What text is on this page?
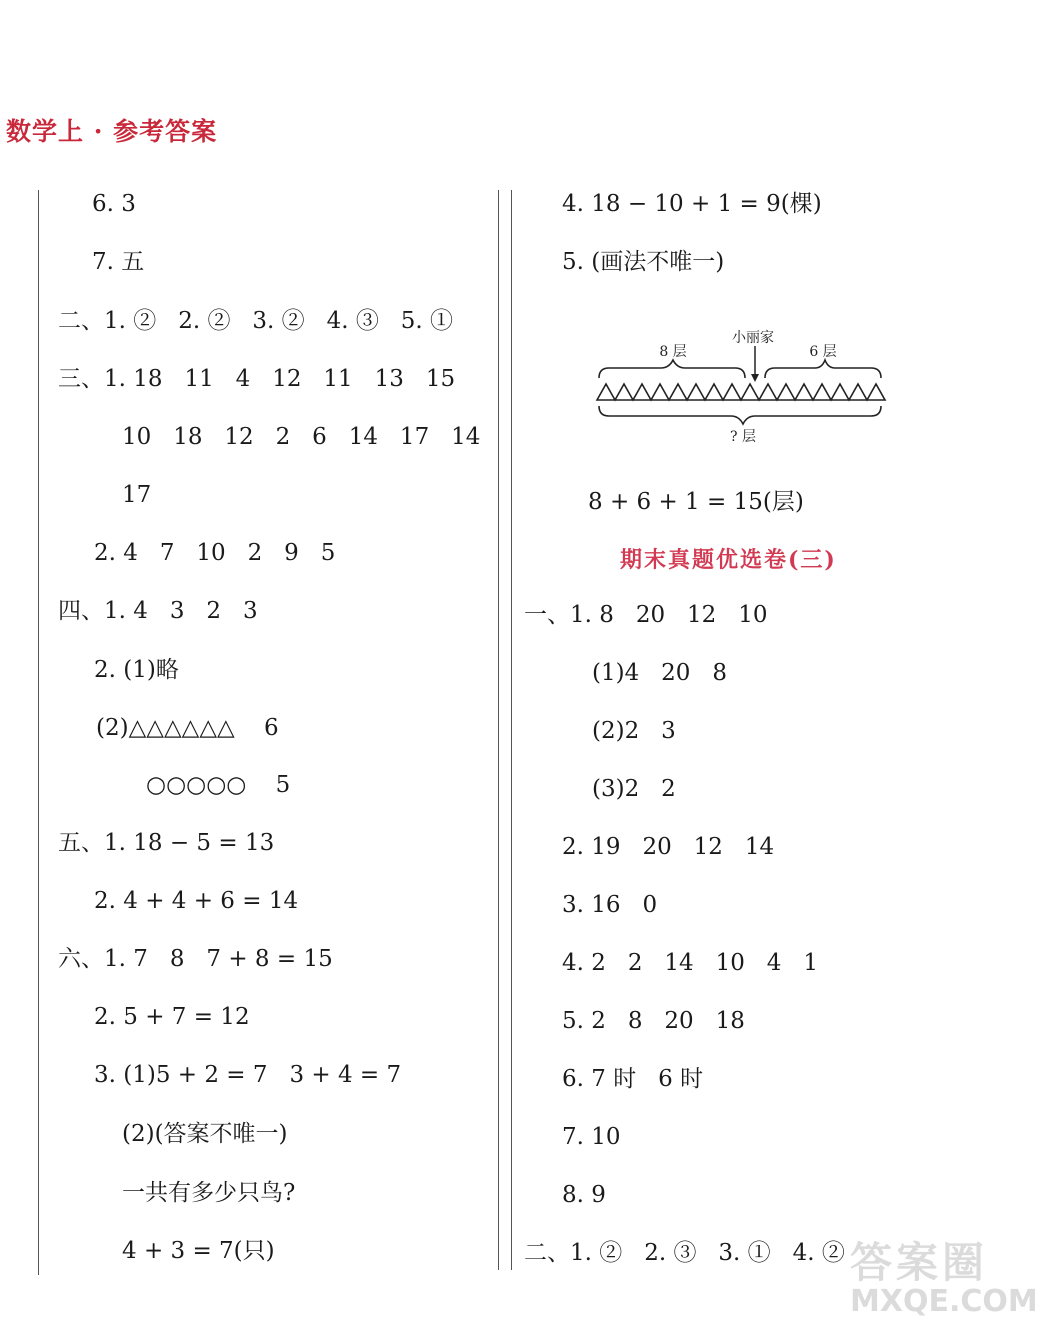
数学上 · 参考答案
6. 3
7. 五
二、1. ②   2. ②   3. ②   4. ③   5. ①
三、1. 18   11   4   12   11   13   15
10   18   12   2   6   14   17   14
17
2. 4   7   10   2   9   5
四、1. 4   3   2   3
2. (1)略
(2)△△△△△△    6
○○○○○    5
五、1. 18 − 5 = 13
2. 4 + 4 + 6 = 14
六、1. 7   8   7 + 8 = 15
2. 5 + 7 = 12
3. (1)5 + 2 = 7   3 + 4 = 7
(2)(答案不唯一)
一共有多少只鸟?
4 + 3 = 7(只)
4. 18 − 10 + 1 = 9(棵)
5. (画法不唯一)
小丽家
8 层	6 层
? 层
8 + 6 + 1 = 15(层)
期末真题优选卷(三)
一、1. 8   20   12   10
(1)4   20   8
(2)2   3
(3)2   2
2. 19   20   12   14
3. 16   0
4. 2   2   14   10   4   1
5. 2   8   20   18
6. 7 时   6 时
7. 10
8. 9
二、1. ②   2. ③   3. ①   4. ② 答案圈
MXQE.COM
